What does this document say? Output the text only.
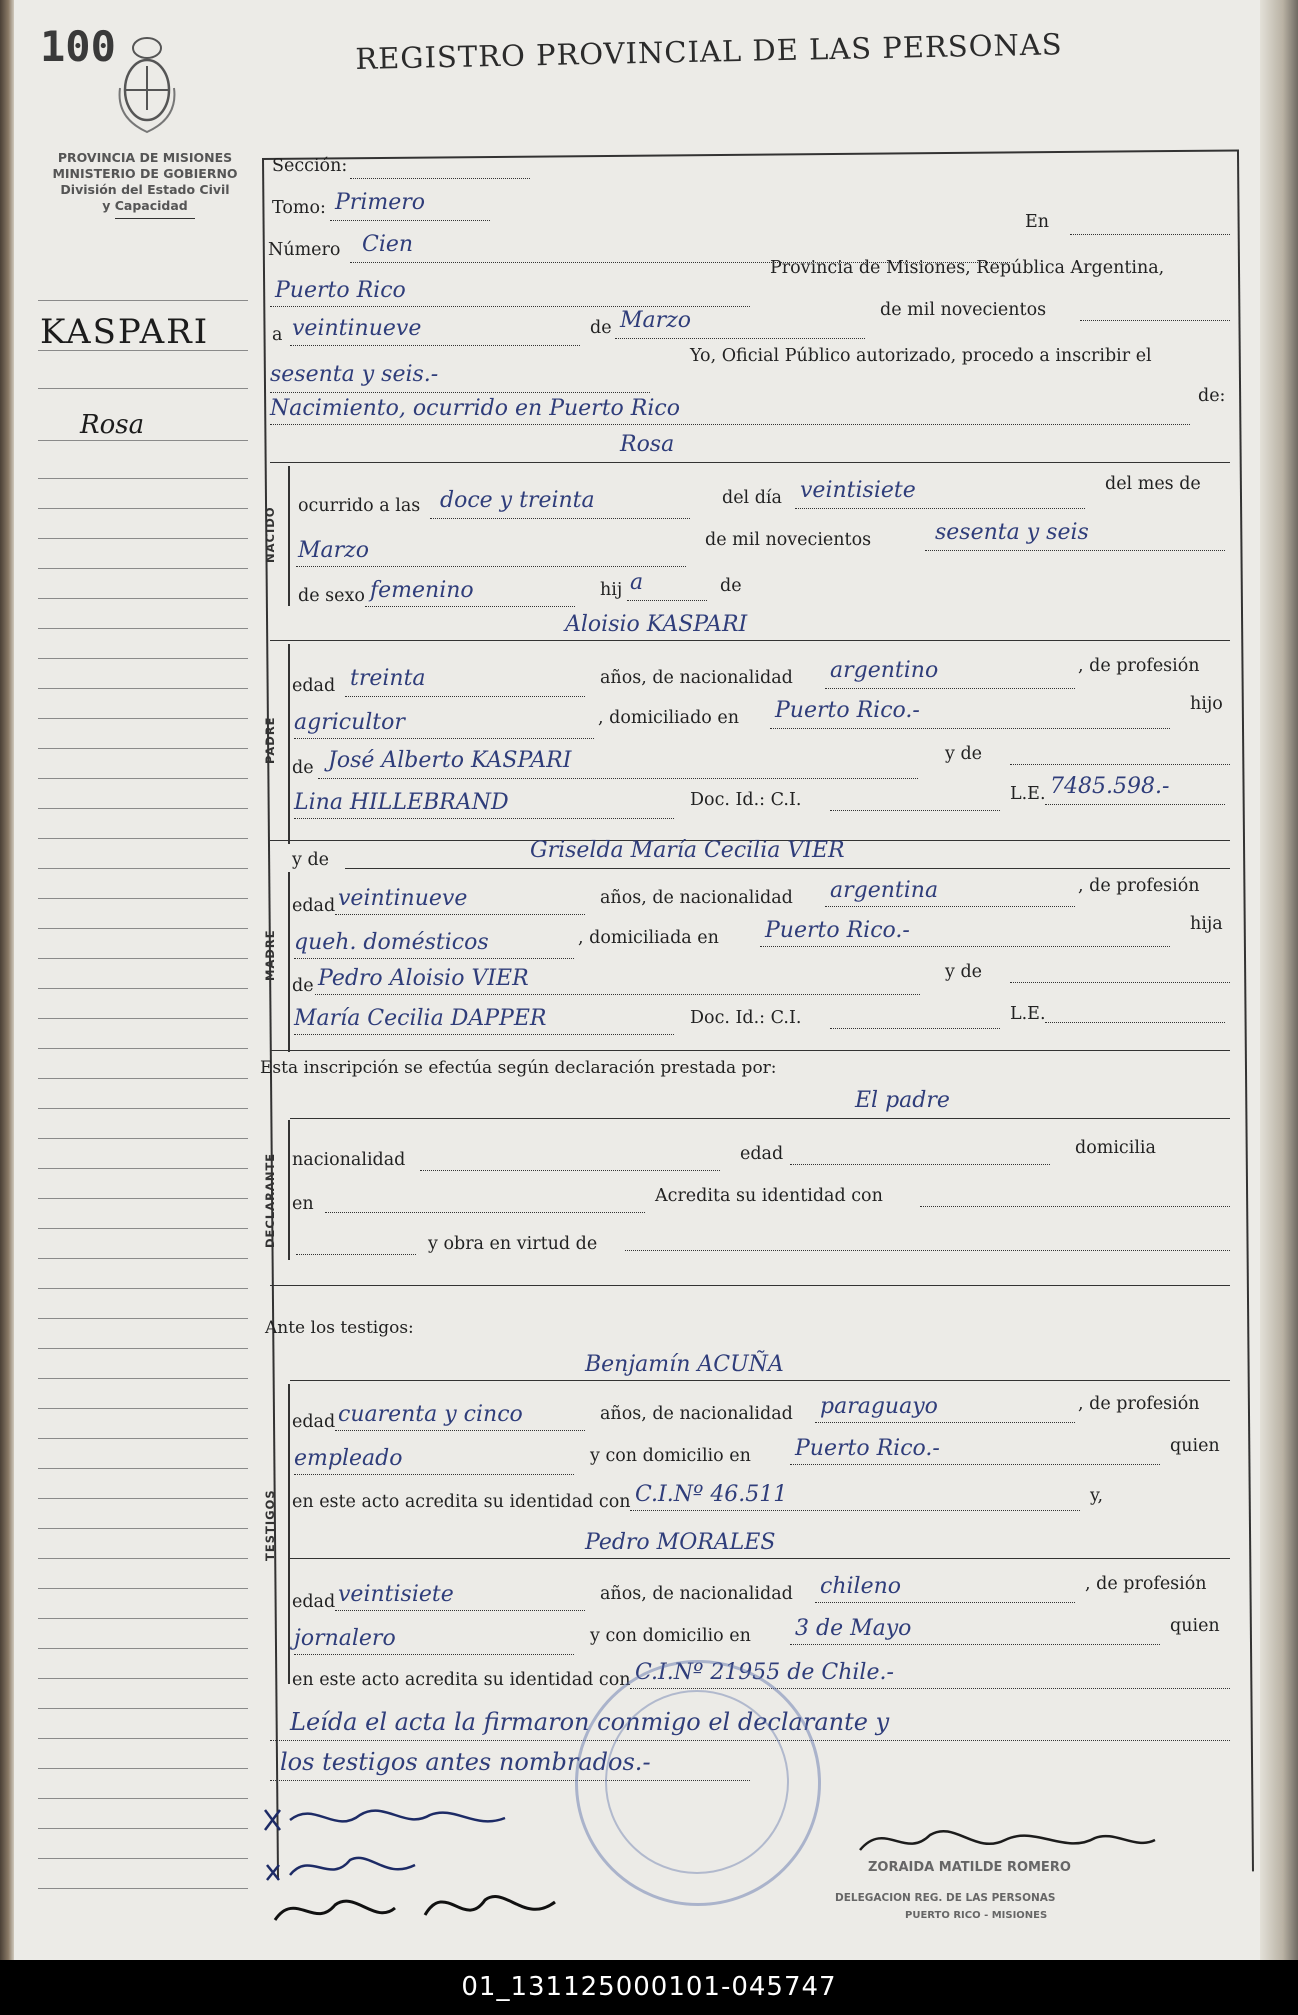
100
PROVINCIA DE MISIONES
MINISTERIO DE GOBIERNO
División del Estado Civil
y Capacidad
REGISTRO PROVINCIAL DE LAS PERSONAS
KASPARI
Rosa
Sección:
Tomo: Primero
Número Cien
En
Puerto Rico
Provincia de Misiones, República Argentina,
a veintinueve	de Marzo	de mil novecientos
sesenta y seis.-
Yo, Oficial Público autorizado, procedo a inscribir el
Nacimiento, ocurrido en Puerto Rico	de:
Rosa
NACIDO
ocurrido a las doce y treinta	del día veintisiete	del mes de
Marzo	de mil novecientos	sesenta y seis
de sexo femenino	hij a	de
Aloisio KASPARI
PADRE
edad treinta	años, de nacionalidad argentino	, de profesión
agricultor	, domiciliado en Puerto Rico.-	hijo
de José Alberto KASPARI	y de
Lina HILLEBRAND	Doc. Id.: C.I.	L.E. 7485.598.-
y de	Griselda María Cecilia VIER
MADRE
edad veintinueve	años, de nacionalidad argentina	, de profesión
queh. domésticos	, domiciliada en Puerto Rico.-	hija
de Pedro Aloisio VIER	y de
María Cecilia DAPPER	Doc. Id.: C.I.	L.E.
Esta inscripción se efectúa según declaración prestada por:
El padre
DECLARANTE nacionalidad	edad	domicilia
en	Acredita su identidad con
y obra en virtud de
Ante los testigos:
Benjamín ACUÑA
TESTIGOS
edad cuarenta y cinco	años, de nacionalidad paraguayo	, de profesión
empleado	y con domicilio en Puerto Rico.-	quien
en este acto acredita su identidad con C.I.Nº 46.511	y,
Pedro MORALES
edad veintisiete	años, de nacionalidad chileno	, de profesión
jornalero	y con domicilio en 3 de Mayo	quien
en este acto acredita su identidad con C.I.Nº 21955 de Chile.-
Leída el acta la firmaron conmigo el declarante y
los testigos antes nombrados.-
ZORAIDA MATILDE ROMERO
DELEGACION REG. DE LAS PERSONAS
PUERTO RICO - MISIONES
01_131125000101-045747
